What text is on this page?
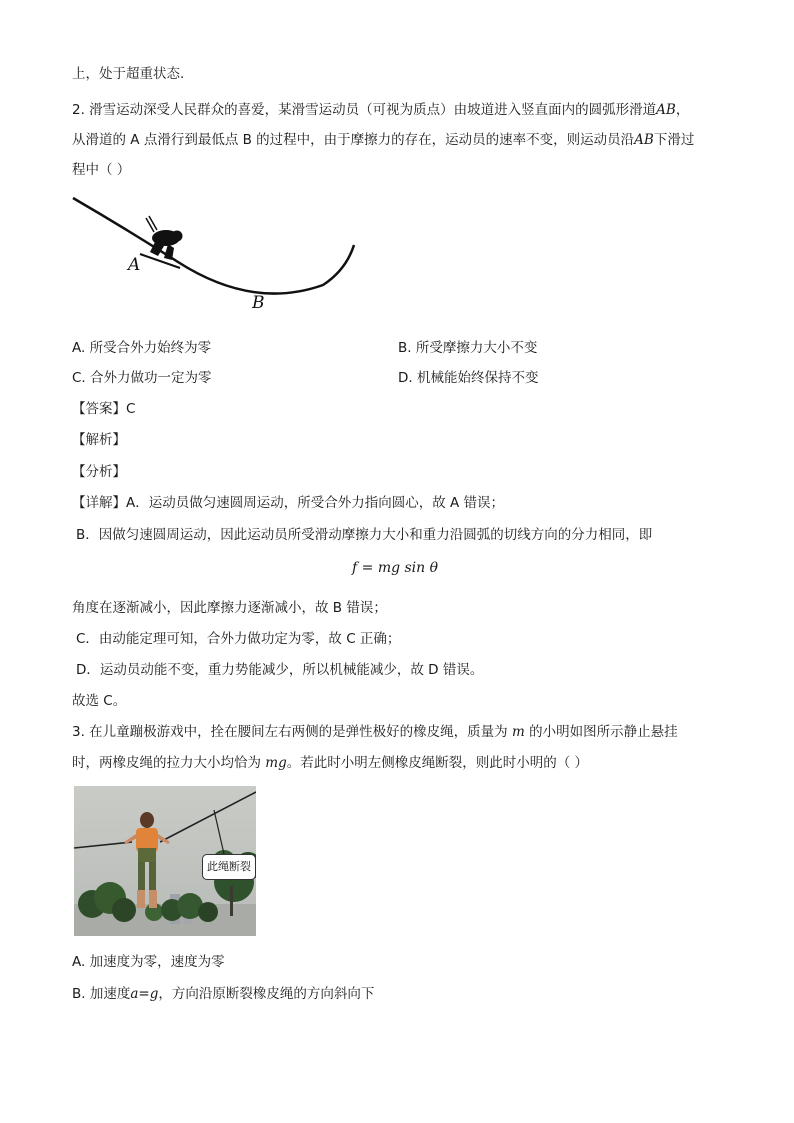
上，处于超重状态.
2. 滑雪运动深受人民群众的喜爱，某滑雪运动员（可视为质点）由坡道进入竖直面内的圆弧形滑道AB，
从滑道的 A 点滑行到最低点 B 的过程中，由于摩擦力的存在，运动员的速率不变，则运动员沿AB下滑过
程中（ ）
A
B
A. 所受合外力始终为零	B. 所受摩擦力大小不变
C. 合外力做功一定为零	D. 机械能始终保持不变
【答案】C
【解析】
【分析】
【详解】A．运动员做匀速圆周运动，所受合外力指向圆心，故 A 错误；
B．因做匀速圆周运动，因此运动员所受滑动摩擦力大小和重力沿圆弧的切线方向的分力相同，即
f = mg sin θ
角度在逐渐减小，因此摩擦力逐渐减小，故 B 错误；
C．由动能定理可知，合外力做功定为零，故 C 正确；
D．运动员动能不变，重力势能减少，所以机械能减少，故 D 错误。
故选 C。
3. 在儿童蹦极游戏中，拴在腰间左右两侧的是弹性极好的橡皮绳，质量为 m 的小明如图所示静止悬挂
时，两橡皮绳的拉力大小均恰为 mg。若此时小明左侧橡皮绳断裂，则此时小明的（ ）
此绳断裂
A. 加速度为零，速度为零
B. 加速度a=g，方向沿原断裂橡皮绳的方向斜向下
